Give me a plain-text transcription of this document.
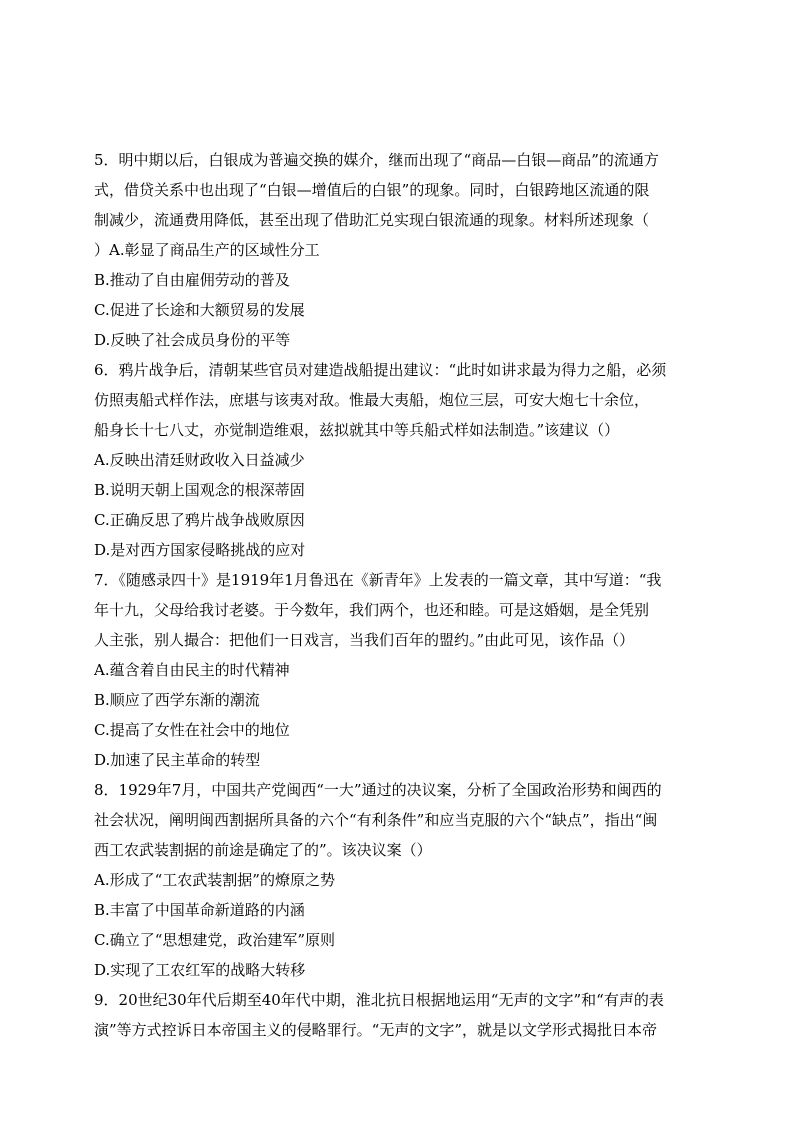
5．明中期以后，白银成为普遍交换的媒介，继而出现了“商品—白银—商品”的流通方
式，借贷关系中也出现了“白银—增值后的白银”的现象。同时，白银跨地区流通的限
制减少，流通费用降低，甚至出现了借助汇兑实现白银流通的现象。材料所述现象（
）A.彰显了商品生产的区域性分工
B.推动了自由雇佣劳动的普及
C.促进了长途和大额贸易的发展
D.反映了社会成员身份的平等
6．鸦片战争后，清朝某些官员对建造战船提出建议：“此时如讲求最为得力之船，必须
仿照夷船式样作法，庶堪与该夷对敌。惟最大夷船，炮位三层，可安大炮七十余位，
船身长十七八丈，亦觉制造维艰，兹拟就其中等兵船式样如法制造。”该建议（）
A.反映出清廷财政收入日益减少
B.说明天朝上国观念的根深蒂固
C.正确反思了鸦片战争战败原因
D.是对西方国家侵略挑战的应对
7．《随感录四十》是1919年1月鲁迅在《新青年》上发表的一篇文章，其中写道：“我
年十九，父母给我讨老婆。于今数年，我们两个，也还和睦。可是这婚姻，是全凭别
人主张，别人撮合：把他们一日戏言，当我们百年的盟约。”由此可见，该作品（）
A.蕴含着自由民主的时代精神
B.顺应了西学东渐的潮流
C.提高了女性在社会中的地位
D.加速了民主革命的转型
8．1929年7月，中国共产党闽西“一大”通过的决议案，分析了全国政治形势和闽西的
社会状况，阐明闽西割据所具备的六个“有利条件”和应当克服的六个“缺点”，指出“闽
西工农武装割据的前途是确定了的”。该决议案（）
A.形成了“工农武装割据”的燎原之势
B.丰富了中国革命新道路的内涵
C.确立了“思想建党，政治建军”原则
D.实现了工农红军的战略大转移
9．20世纪30年代后期至40年代中期，淮北抗日根据地运用“无声的文字”和“有声的表
演”等方式控诉日本帝国主义的侵略罪行。“无声的文字”，就是以文学形式揭批日本帝
